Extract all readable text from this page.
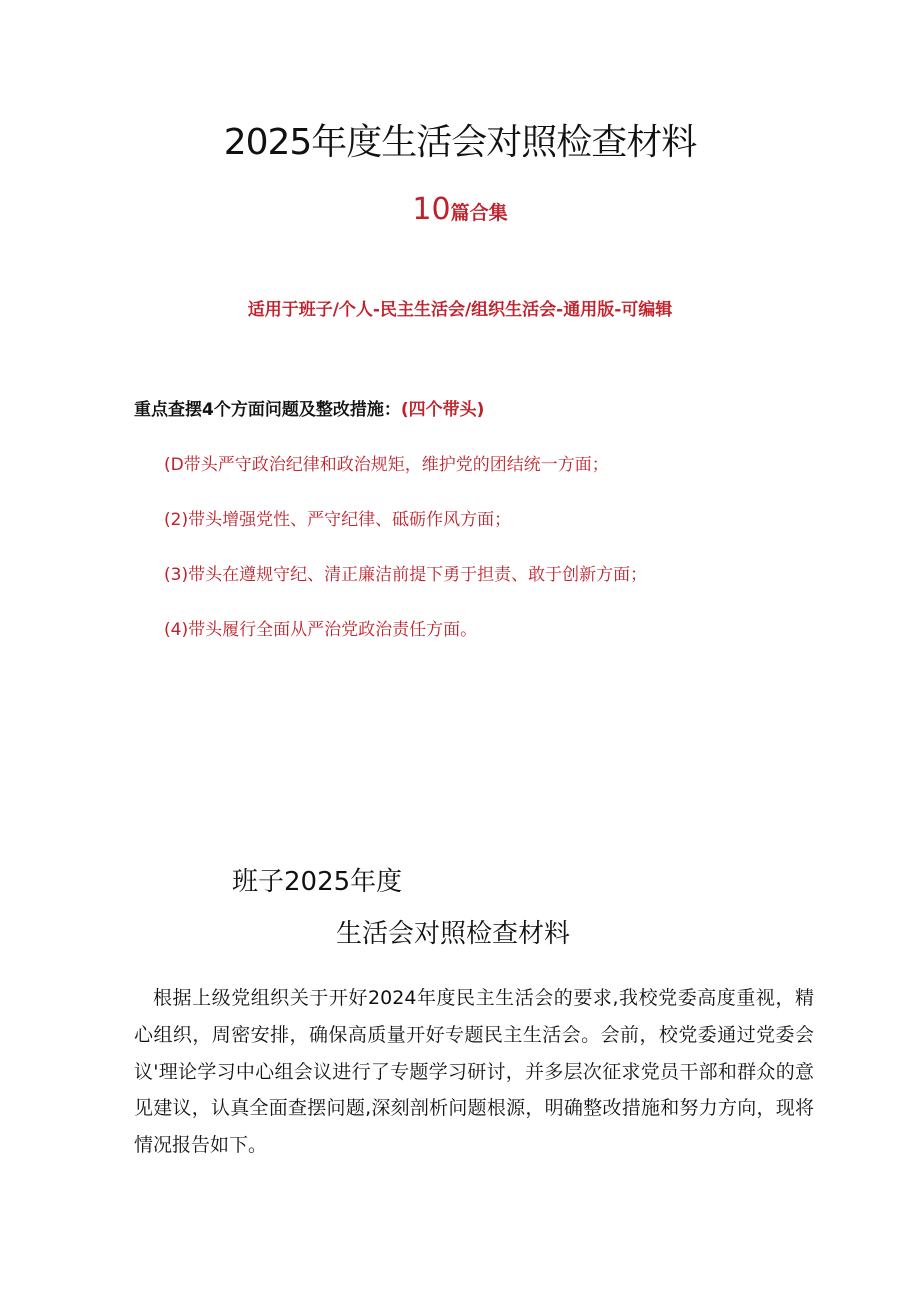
2025年度生活会对照检查材料
10篇合集
适用于班子/个人-民主生活会/组织生活会-通用版-可编辑
重点查摆4个方面问题及整改措施：(四个带头)
(D带头严守政治纪律和政治规矩，维护党的团结统一方面；
(2)带头增强党性、严守纪律、砥砺作风方面；
(3)带头在遵规守纪、清正廉洁前提下勇于担责、敢于创新方面；
(4)带头履行全面从严治党政治责任方面。
班子2025年度
生活会对照检查材料
根据上级党组织关于开好2024年度民主生活会的要求,我校党委高度重视，精心组织，周密安排，确保高质量开好专题民主生活会。会前，校党委通过党委会议'理论学习中心组会议进行了专题学习研讨，并多层次征求党员干部和群众的意见建议，认真全面查摆问题,深刻剖析问题根源，明确整改措施和努力方向，现将情况报告如下。
